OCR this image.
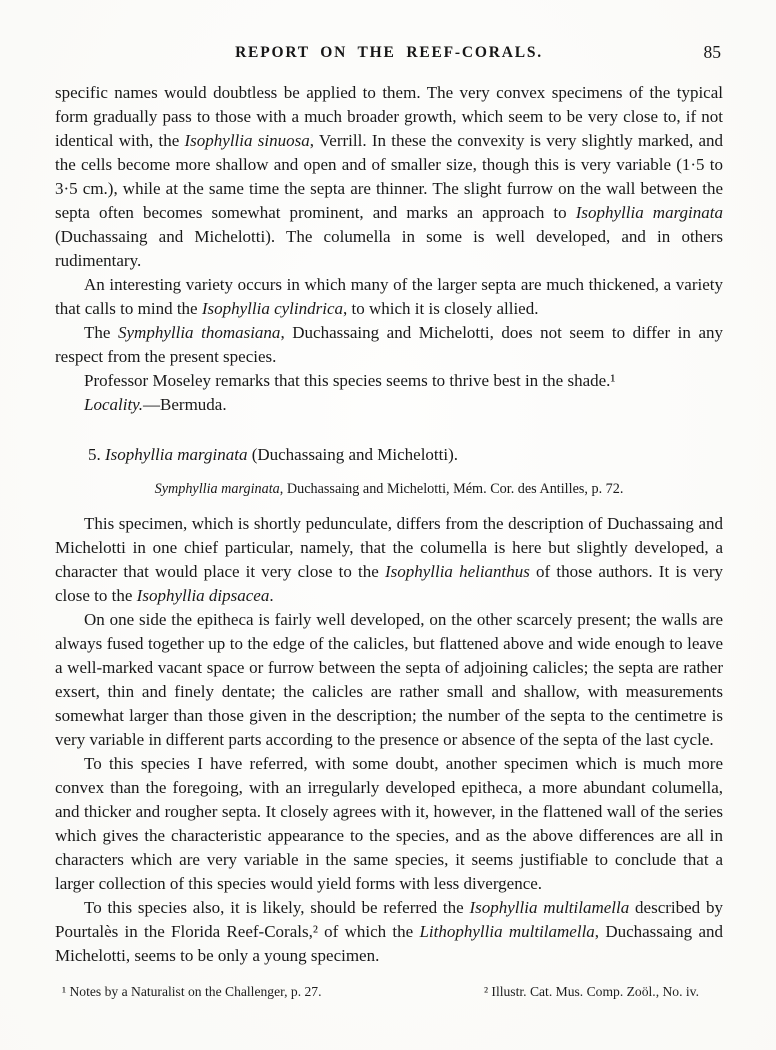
REPORT ON THE REEF-CORALS.	85

specific names would doubtless be applied to them. The very convex specimens of the typical form gradually pass to those with a much broader growth, which seem to be very close to, if not identical with, the Isophyllia sinuosa, Verrill. In these the convexity is very slightly marked, and the cells become more shallow and open and of smaller size, though this is very variable (1·5 to 3·5 cm.), while at the same time the septa are thinner. The slight furrow on the wall between the septa often becomes somewhat prominent, and marks an approach to Isophyllia marginata (Duchassaing and Michelotti). The columella in some is well developed, and in others rudimentary.

An interesting variety occurs in which many of the larger septa are much thickened, a variety that calls to mind the Isophyllia cylindrica, to which it is closely allied.

The Symphyllia thomasiana, Duchassaing and Michelotti, does not seem to differ in any respect from the present species.

Professor Moseley remarks that this species seems to thrive best in the shade.¹

Locality.—Bermuda.

5. Isophyllia marginata (Duchassaing and Michelotti).

Symphyllia marginata, Duchassaing and Michelotti, Mém. Cor. des Antilles, p. 72.

This specimen, which is shortly pedunculate, differs from the description of Duchassaing and Michelotti in one chief particular, namely, that the columella is here but slightly developed, a character that would place it very close to the Isophyllia helianthus of those authors. It is very close to the Isophyllia dipsacea.

On one side the epitheca is fairly well developed, on the other scarcely present; the walls are always fused together up to the edge of the calicles, but flattened above and wide enough to leave a well-marked vacant space or furrow between the septa of adjoining calicles; the septa are rather exsert, thin and finely dentate; the calicles are rather small and shallow, with measurements somewhat larger than those given in the description; the number of the septa to the centimetre is very variable in different parts according to the presence or absence of the septa of the last cycle.

To this species I have referred, with some doubt, another specimen which is much more convex than the foregoing, with an irregularly developed epitheca, a more abundant columella, and thicker and rougher septa. It closely agrees with it, however, in the flattened wall of the series which gives the characteristic appearance to the species, and as the above differences are all in characters which are very variable in the same species, it seems justifiable to conclude that a larger collection of this species would yield forms with less divergence.

To this species also, it is likely, should be referred the Isophyllia multilamella described by Pourtalès in the Florida Reef-Corals,² of which the Lithophyllia multilamella, Duchassaing and Michelotti, seems to be only a young specimen.

¹ Notes by a Naturalist on the Challenger, p. 27.	² Illustr. Cat. Mus. Comp. Zoöl., No. iv.
